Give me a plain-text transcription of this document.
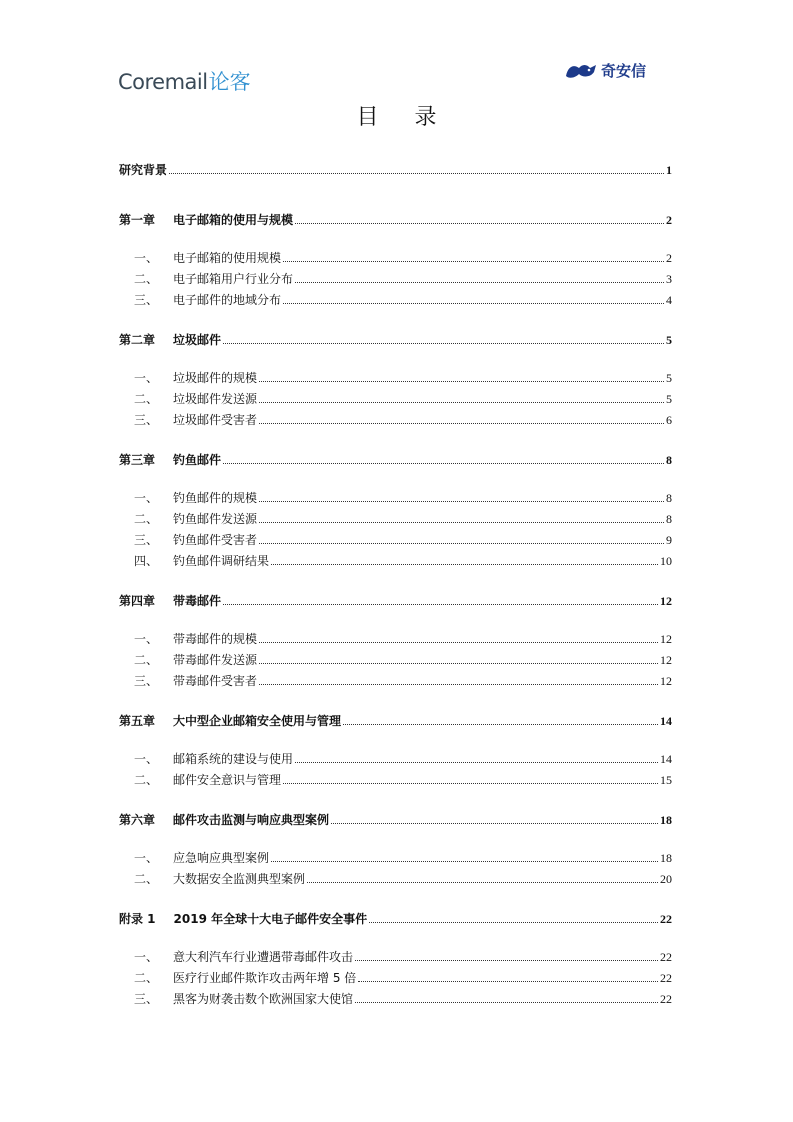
Coremail 论客	奇安信
目录
研究背景	1
第一章 电子邮箱的使用与规模	2
一、 电子邮箱的使用规模	2
二、 电子邮箱用户行业分布	3
三、 电子邮件的地域分布	4
第二章 垃圾邮件	5
一、 垃圾邮件的规模	5
二、 垃圾邮件发送源	5
三、 垃圾邮件受害者	6
第三章 钓鱼邮件	8
一、 钓鱼邮件的规模	8
二、 钓鱼邮件发送源	8
三、 钓鱼邮件受害者	9
四、 钓鱼邮件调研结果	10
第四章 带毒邮件	12
一、 带毒邮件的规模	12
二、 带毒邮件发送源	12
三、 带毒邮件受害者	12
第五章 大中型企业邮箱安全使用与管理	14
一、 邮箱系统的建设与使用	14
二、 邮件安全意识与管理	15
第六章 邮件攻击监测与响应典型案例	18
一、 应急响应典型案例	18
二、 大数据安全监测典型案例	20
附录 1 2019 年全球十大电子邮件安全事件	22
一、 意大利汽车行业遭遇带毒邮件攻击	22
二、 医疗行业邮件欺诈攻击两年增 5 倍	22
三、 黑客为财袭击数个欧洲国家大使馆	22
